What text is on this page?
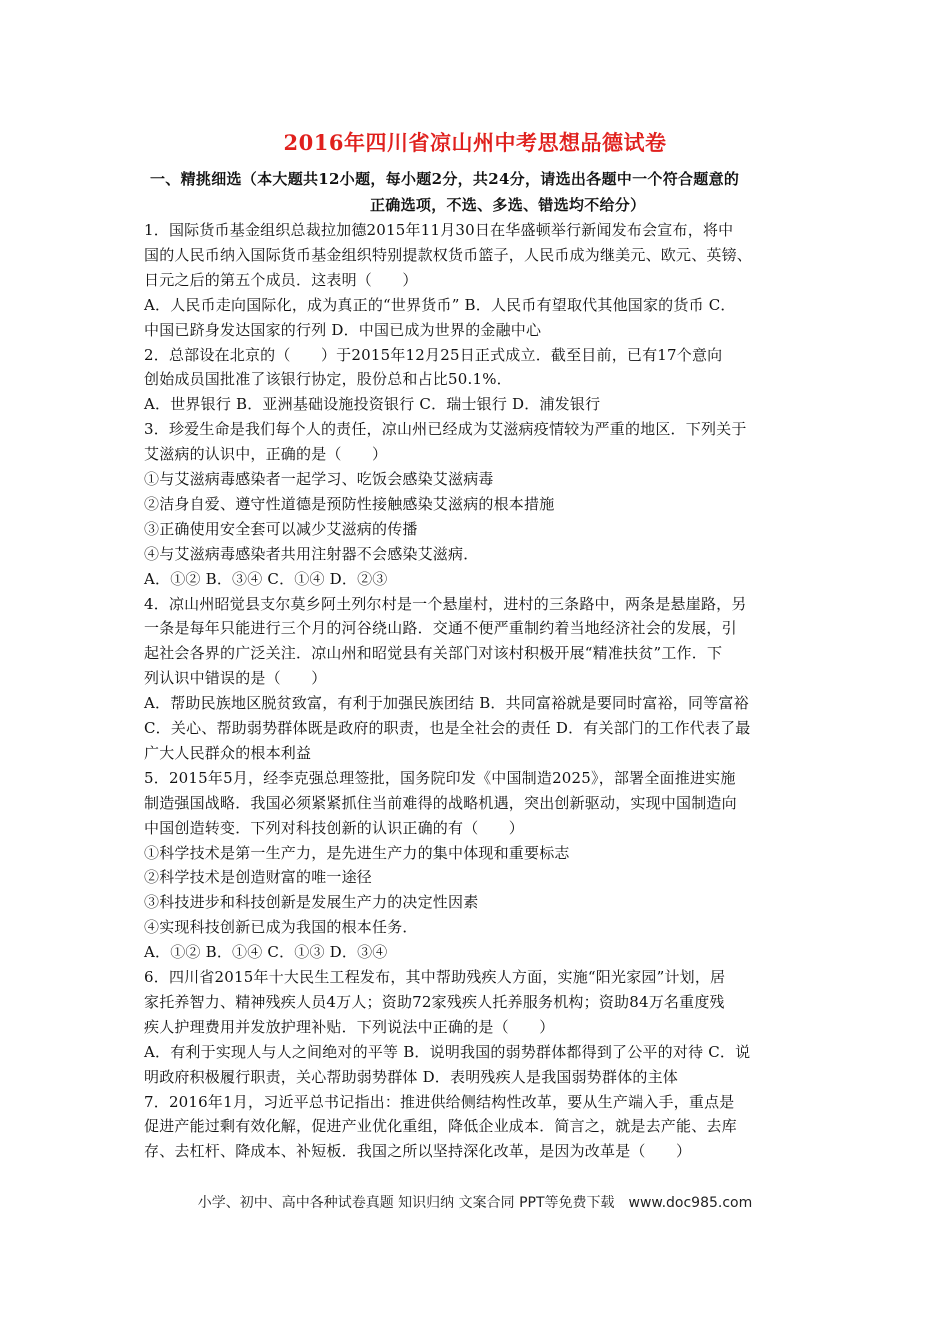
2016年四川省凉山州中考思想品德试卷
一、精挑细选（本大题共12小题，每小题2分，共24分，请选出各题中一个符合题意的
正确选项，不选、多选、错选均不给分）
1．国际货币基金组织总裁拉加德2015年11月30日在华盛顿举行新闻发布会宣布，将中
国的人民币纳入国际货币基金组织特别提款权货币篮子，人民币成为继美元、欧元、英镑、
日元之后的第五个成员．这表明（　　）
A．人民币走向国际化，成为真正的“世界货币” B．人民币有望取代其他国家的货币 C．
中国已跻身发达国家的行列 D．中国已成为世界的金融中心
2．总部设在北京的（　　）于2015年12月25日正式成立．截至目前，已有17个意向
创始成员国批准了该银行协定，股份总和占比50.1%．
A．世界银行 B．亚洲基础设施投资银行 C．瑞士银行 D．浦发银行
3．珍爱生命是我们每个人的责任，凉山州已经成为艾滋病疫情较为严重的地区．下列关于
艾滋病的认识中，正确的是（　　）
①与艾滋病毒感染者一起学习、吃饭会感染艾滋病毒
②洁身自爱、遵守性道德是预防性接触感染艾滋病的根本措施
③正确使用安全套可以减少艾滋病的传播
④与艾滋病毒感染者共用注射器不会感染艾滋病．
A．①② B．③④ C．①④ D．②③
4．凉山州昭觉县支尔莫乡阿土列尔村是一个悬崖村，进村的三条路中，两条是悬崖路，另
一条是每年只能进行三个月的河谷绕山路．交通不便严重制约着当地经济社会的发展，引
起社会各界的广泛关注．凉山州和昭觉县有关部门对该村积极开展“精准扶贫”工作．下
列认识中错误的是（　　）
A．帮助民族地区脱贫致富，有利于加强民族团结 B．共同富裕就是要同时富裕，同等富裕
C．关心、帮助弱势群体既是政府的职责，也是全社会的责任 D．有关部门的工作代表了最
广大人民群众的根本利益
5．2015年5月，经李克强总理签批，国务院印发《中国制造2025》，部署全面推进实施
制造强国战略．我国必须紧紧抓住当前难得的战略机遇，突出创新驱动，实现中国制造向
中国创造转变．下列对科技创新的认识正确的有（　　）
①科学技术是第一生产力，是先进生产力的集中体现和重要标志
②科学技术是创造财富的唯一途径
③科技进步和科技创新是发展生产力的决定性因素
④实现科技创新已成为我国的根本任务．
A．①② B．①④ C．①③ D．③④
6．四川省2015年十大民生工程发布，其中帮助残疾人方面，实施“阳光家园”计划，居
家托养智力、精神残疾人员4万人；资助72家残疾人托养服务机构；资助84万名重度残
疾人护理费用并发放护理补贴．下列说法中正确的是（　　）
A．有利于实现人与人之间绝对的平等 B．说明我国的弱势群体都得到了公平的对待 C．说
明政府积极履行职责，关心帮助弱势群体 D．表明残疾人是我国弱势群体的主体
7．2016年1月，习近平总书记指出：推进供给侧结构性改革，要从生产端入手，重点是
促进产能过剩有效化解，促进产业优化重组，降低企业成本．简言之，就是去产能、去库
存、去杠杆、降成本、补短板．我国之所以坚持深化改革，是因为改革是（　　）
小学、初中、高中各种试卷真题 知识归纳 文案合同 PPT等免费下载　www.doc985.com
